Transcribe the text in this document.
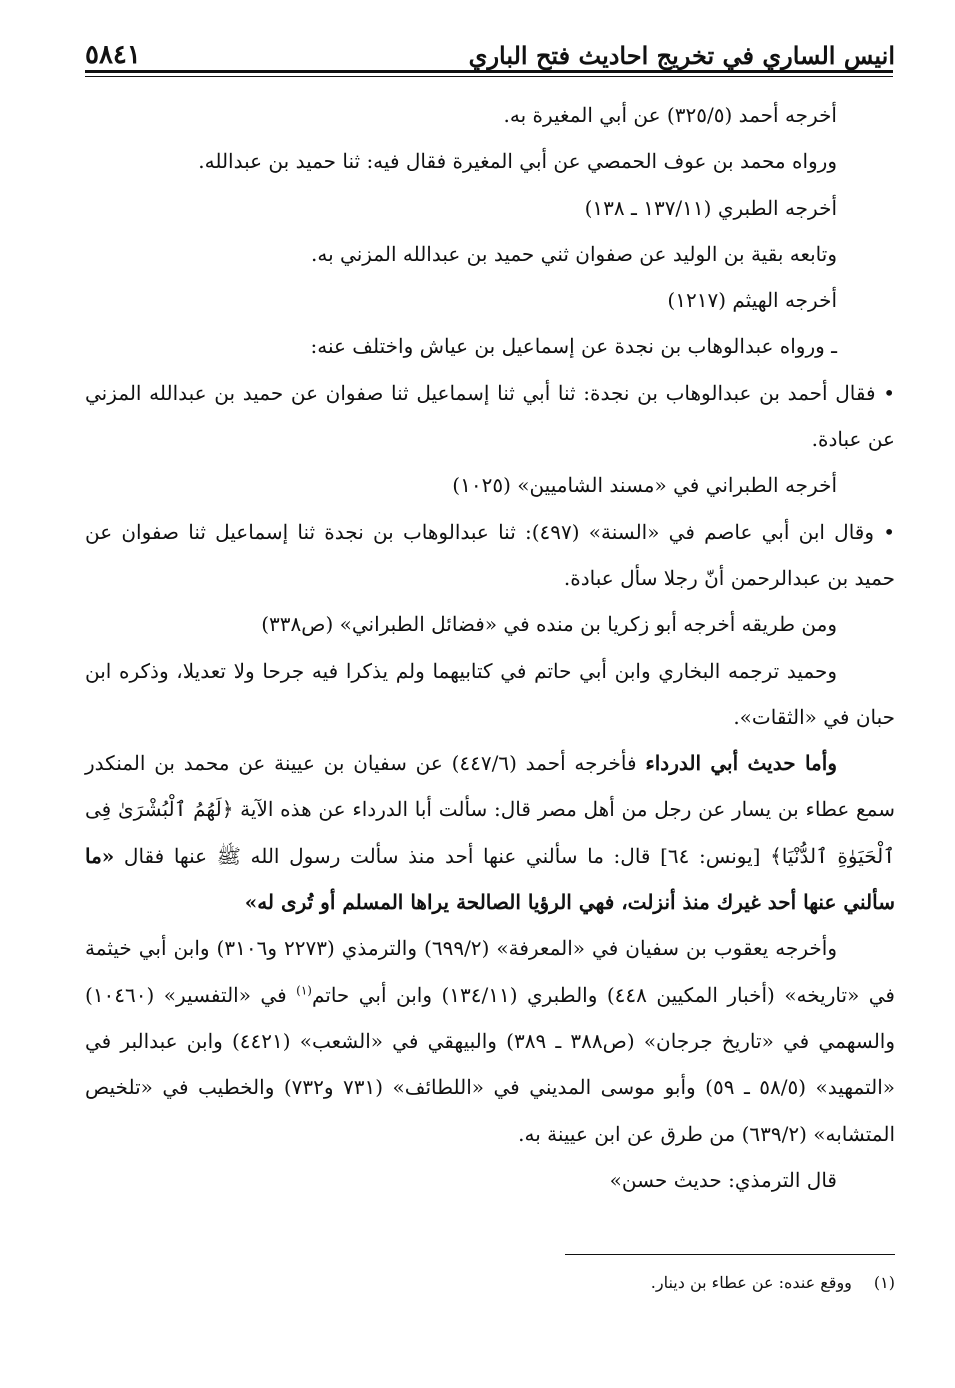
انيس الساري في تخريج احاديث فتح الباري
٥٨٤١

أخرجه أحمد (٣٢٥/٥) عن أبي المغيرة به.

ورواه محمد بن عوف الحمصي عن أبي المغيرة فقال فيه: ثنا حميد بن عبدالله.

أخرجه الطبري (١٣٧/١١ ـ ١٣٨)

وتابعه بقية بن الوليد عن صفوان ثني حميد بن عبدالله المزني به.

أخرجه الهيثم (١٢١٧)

ـ ورواه عبدالوهاب بن نجدة عن إسماعيل بن عياش واختلف عنه:

• فقال أحمد بن عبدالوهاب بن نجدة: ثنا أبي ثنا إسماعيل ثنا صفوان عن حميد بن عبدالله المزني عن عبادة.

أخرجه الطبراني في «مسند الشاميين» (١٠٢٥)

• وقال ابن أبي عاصم في «السنة» (٤٩٧): ثنا عبدالوهاب بن نجدة ثنا إسماعيل ثنا صفوان عن حميد بن عبدالرحمن أنّ رجلا سأل عبادة.

ومن طريقه أخرجه أبو زكريا بن منده في «فضائل الطبراني» (ص٣٣٨)

وحميد ترجمه البخاري وابن أبي حاتم في كتابيهما ولم يذكرا فيه جرحا ولا تعديلا، وذكره ابن حبان في «الثقات».

وأما حديث أبي الدرداء فأخرجه أحمد (٤٤٧/٦) عن سفيان بن عيينة عن محمد بن المنكدر سمع عطاء بن يسار عن رجل من أهل مصر قال: سألت أبا الدرداء عن هذه الآية ﴿لَهُمُ ٱلْبُشْرَىٰ فِى ٱلْحَيَوٰةِ ٱلدُّنْيَا﴾ [يونس: ٦٤] قال: ما سألني عنها أحد منذ سألت رسول الله ﷺ عنها فقال «ما سألني عنها أحد غيرك منذ أنزلت، فهي الرؤيا الصالحة يراها المسلم أو تُرى له»

وأخرجه يعقوب بن سفيان في «المعرفة» (٦٩٩/٢) والترمذي (٢٢٧٣ و٣١٠٦) وابن أبي خيثمة في «تاريخه» (أخبار المكيين ٤٤٨) والطبري (١٣٤/١١) وابن أبي حاتم$^{(١)}$ في «التفسير» (١٠٤٦٠) والسهمي في «تاريخ جرجان» (ص٣٨٨ ـ ٣٨٩) والبيهقي في «الشعب» (٤٤٢١) وابن عبدالبر في «التمهيد» (٥٨/٥ ـ ٥٩) وأبو موسى المديني في «اللطائف» (٧٣١ و٧٣٢) والخطيب في «تلخيص المتشابه» (٦٣٩/٢) من طرق عن ابن عيينة به.

قال الترمذي: حديث حسن»

(١)ووقع عنده: عن عطاء بن دينار.
